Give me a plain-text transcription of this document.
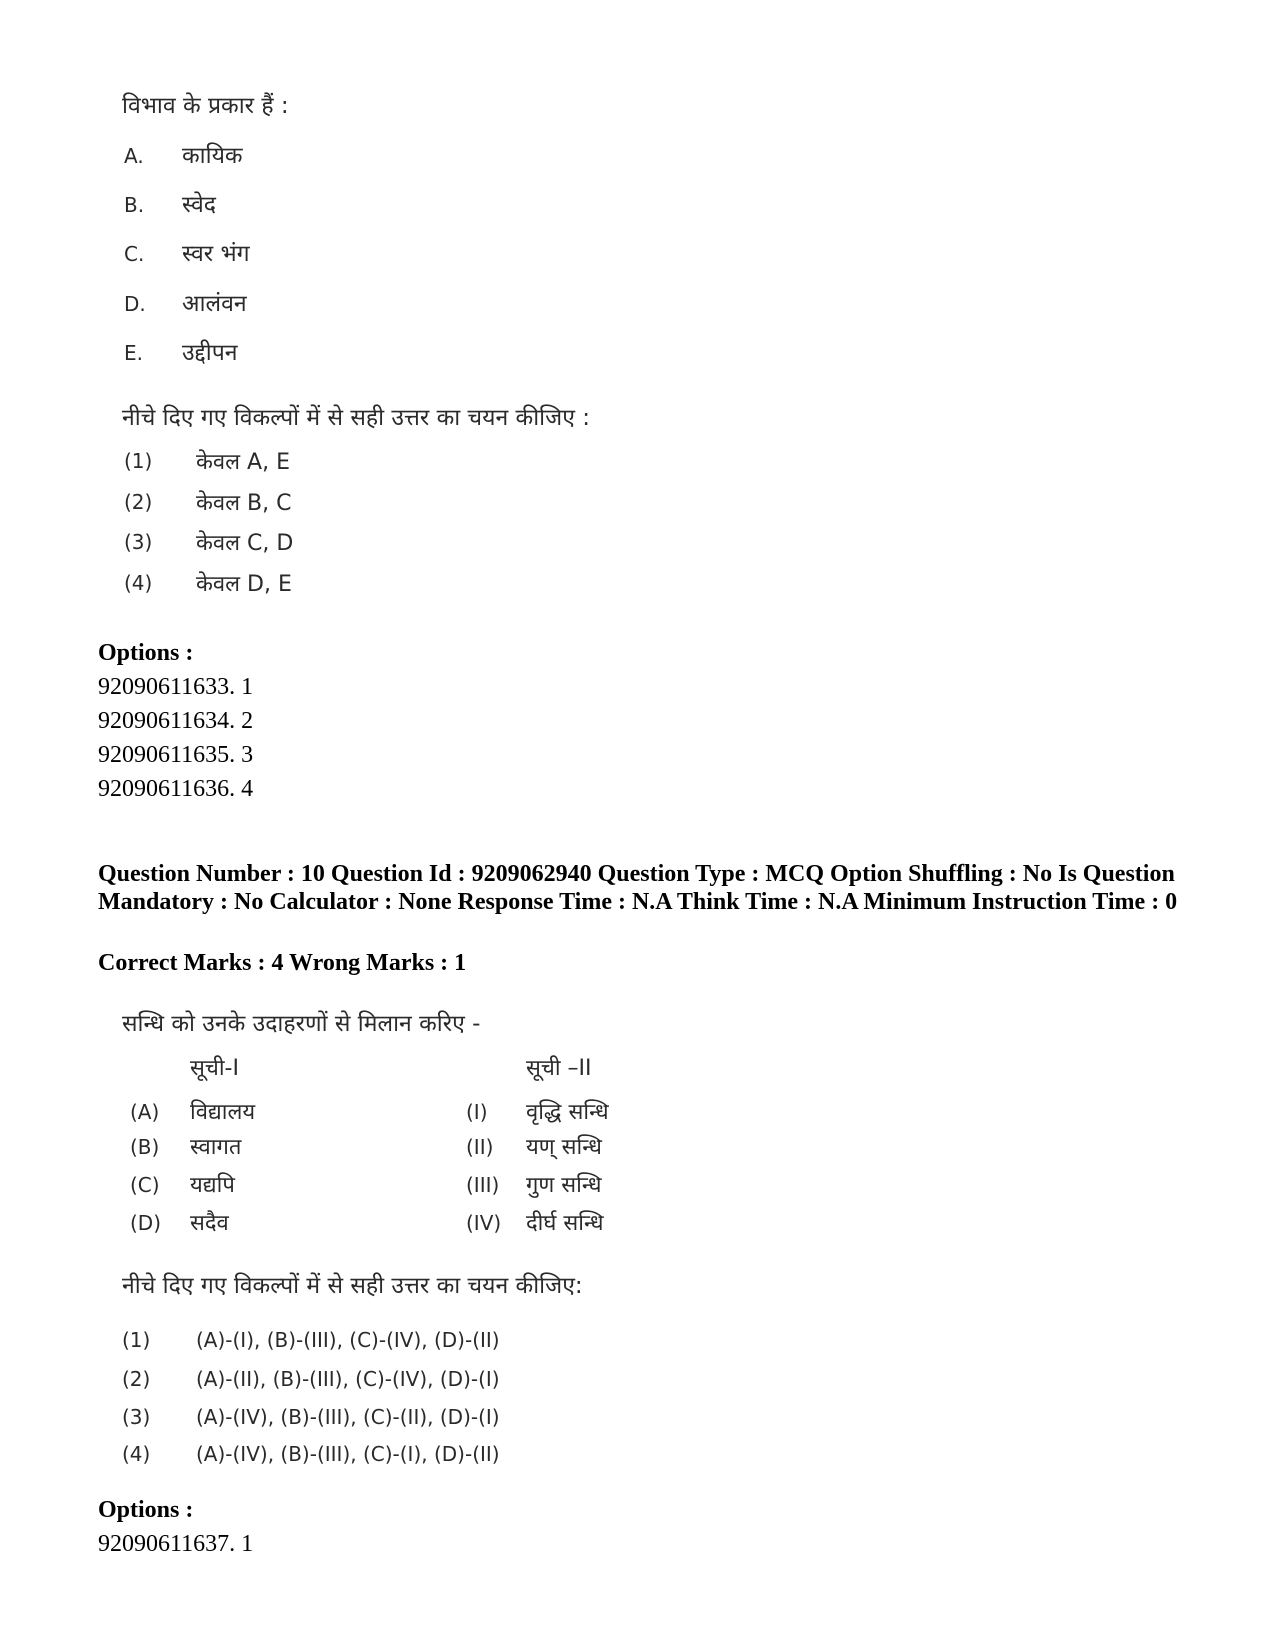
विभाव के प्रकार हैं :
A. कायिक
B. स्वेद
C. स्वर भंग
D. आलंवन
E. उद्दीपन
नीचे दिए गए विकल्पों में से सही उत्तर का चयन कीजिए :
(1) केवल A, E
(2) केवल B, C
(3) केवल C, D
(4) केवल D, E
Options :
92090611633. 1
92090611634. 2
92090611635. 3
92090611636. 4
Question Number : 10 Question Id : 9209062940 Question Type : MCQ Option Shuffling : No Is Question Mandatory : No Calculator : None Response Time : N.A Think Time : N.A Minimum Instruction Time : 0
Correct Marks : 4 Wrong Marks : 1
सन्धि को उनके उदाहरणों से मिलान करिए -
सूची-I	सूची –II
(A) विद्यालय	(I) वृद्धि सन्धि
(B) स्वागत	(II) यण् सन्धि
(C) यद्यपि	(III) गुण सन्धि
(D) सदैव	(IV) दीर्घ सन्धि
नीचे दिए गए विकल्पों में से सही उत्तर का चयन कीजिए:
(1) (A)-(I), (B)-(III), (C)-(IV), (D)-(II)
(2) (A)-(II), (B)-(III), (C)-(IV), (D)-(I)
(3) (A)-(IV), (B)-(III), (C)-(II), (D)-(I)
(4) (A)-(IV), (B)-(III), (C)-(I), (D)-(II)
Options :
92090611637. 1
